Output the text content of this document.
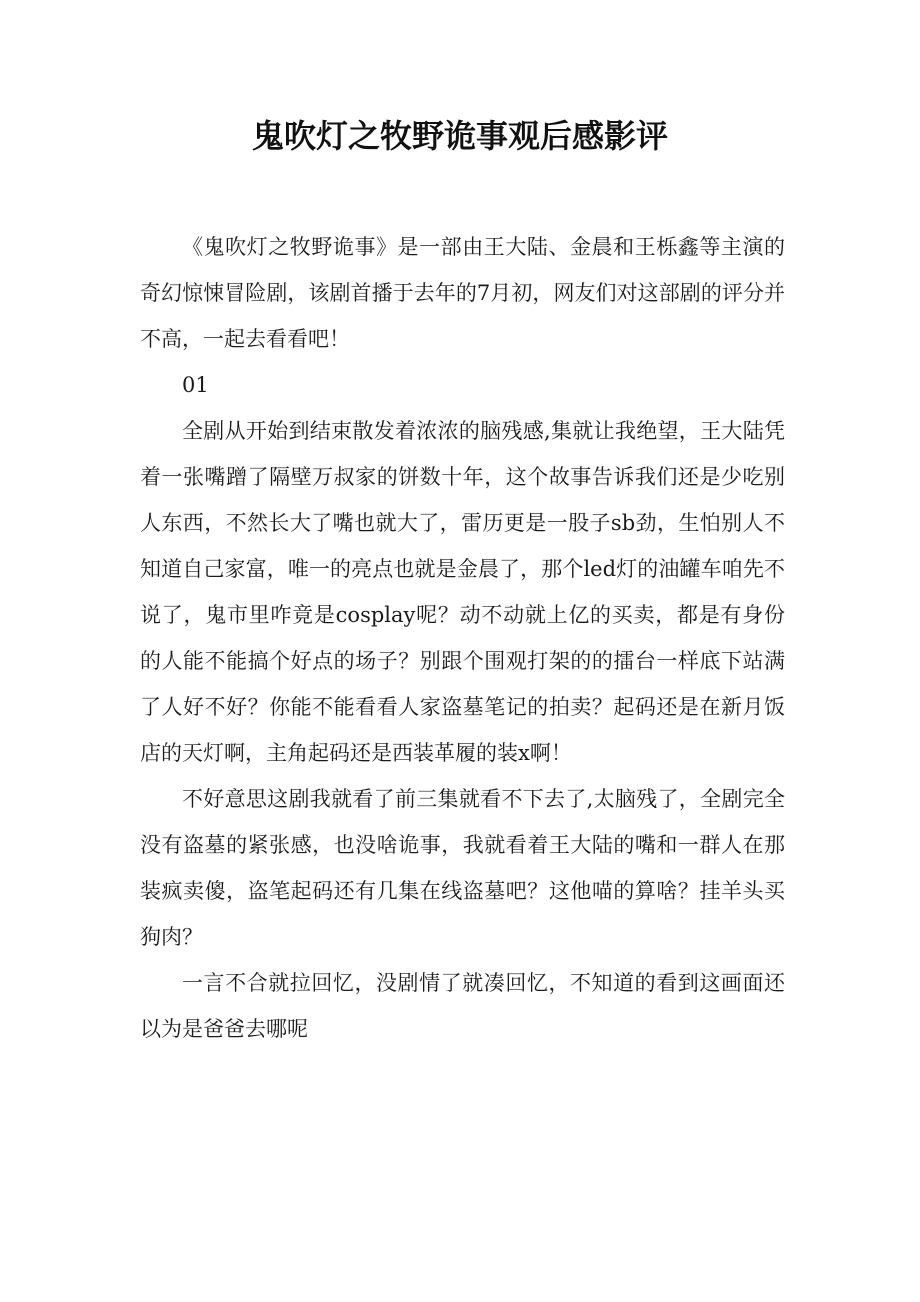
鬼吹灯之牧野诡事观后感影评

《鬼吹灯之牧野诡事》是一部由王大陆、金晨和王栎鑫等主演的奇幻惊悚冒险剧，该剧首播于去年的7月初，网友们对这部剧的评分并不高，一起去看看吧！

01

全剧从开始到结束散发着浓浓的脑残感,集就让我绝望，王大陆凭着一张嘴蹭了隔壁万叔家的饼数十年，这个故事告诉我们还是少吃别人东西，不然长大了嘴也就大了，雷历更是一股子sb劲，生怕别人不知道自己家富，唯一的亮点也就是金晨了，那个led灯的油罐车咱先不说了，鬼市里咋竟是cosplay呢？动不动就上亿的买卖，都是有身份的人能不能搞个好点的场子？别跟个围观打架的的擂台一样底下站满了人好不好？你能不能看看人家盗墓笔记的拍卖？起码还是在新月饭店的天灯啊，主角起码还是西装革履的装x啊！

不好意思这剧我就看了前三集就看不下去了,太脑残了，全剧完全没有盗墓的紧张感，也没啥诡事，我就看着王大陆的嘴和一群人在那装疯卖傻，盗笔起码还有几集在线盗墓吧？这他喵的算啥？挂羊头买狗肉？

一言不合就拉回忆，没剧情了就凑回忆，不知道的看到这画面还以为是爸爸去哪呢
